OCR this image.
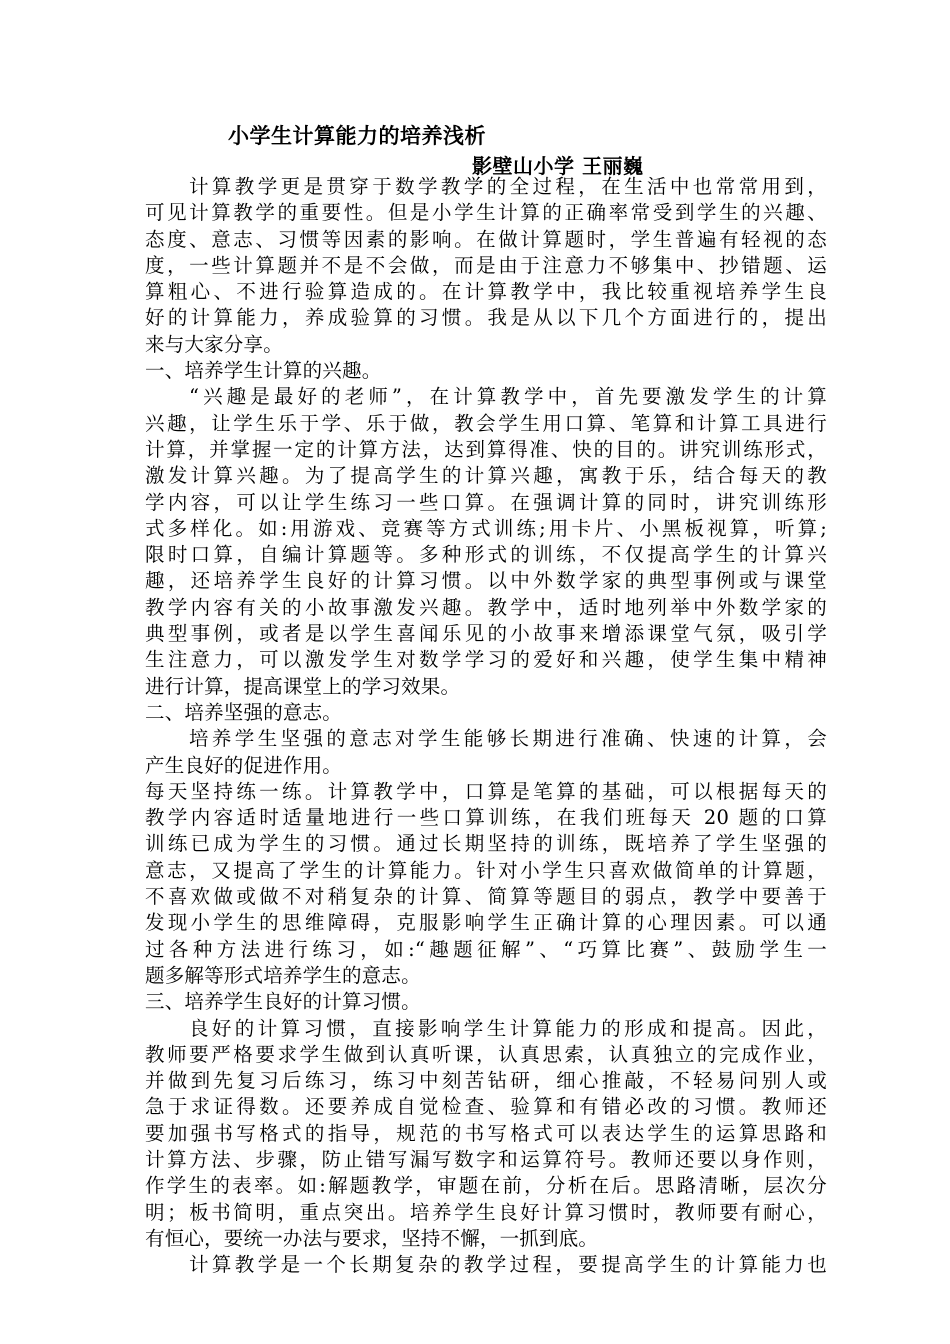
小学生计算能力的培养浅析
影壁山小学 王丽巍
计算教学更是贯穿于数学教学的全过程，在生活中也常常用到，
可见计算教学的重要性。但是小学生计算的正确率常受到学生的兴趣、
态度、意志、习惯等因素的影响。在做计算题时，学生普遍有轻视的态
度，一些计算题并不是不会做，而是由于注意力不够集中、抄错题、运
算粗心、不进行验算造成的。在计算教学中，我比较重视培养学生良
好的计算能力，养成验算的习惯。我是从以下几个方面进行的，提出
来与大家分享。
一、培养学生计算的兴趣。
“兴趣是最好的老师”，在计算教学中，首先要激发学生的计算
兴趣，让学生乐于学、乐于做，教会学生用口算、笔算和计算工具进行
计算，并掌握一定的计算方法，达到算得准、快的目的。讲究训练形式，
激发计算兴趣。为了提高学生的计算兴趣，寓教于乐，结合每天的教
学内容，可以让学生练习一些口算。在强调计算的同时，讲究训练形
式多样化。如:用游戏、竞赛等方式训练;用卡片、小黑板视算，听算;
限时口算，自编计算题等。多种形式的训练，不仅提高学生的计算兴
趣，还培养学生良好的计算习惯。以中外数学家的典型事例或与课堂
教学内容有关的小故事激发兴趣。教学中，适时地列举中外数学家的
典型事例，或者是以学生喜闻乐见的小故事来增添课堂气氛，吸引学
生注意力，可以激发学生对数学学习的爱好和兴趣，使学生集中精神
进行计算，提高课堂上的学习效果。
二、培养坚强的意志。
培养学生坚强的意志对学生能够长期进行准确、快速的计算，会
产生良好的促进作用。
每天坚持练一练。计算教学中，口算是笔算的基础，可以根据每天的
教学内容适时适量地进行一些口算训练，在我们班每天 20 题的口算
训练已成为学生的习惯。通过长期坚持的训练，既培养了学生坚强的
意志，又提高了学生的计算能力。针对小学生只喜欢做简单的计算题，
不喜欢做或做不对稍复杂的计算、简算等题目的弱点，教学中要善于
发现小学生的思维障碍，克服影响学生正确计算的心理因素。可以通
过各种方法进行练习，如:“趣题征解”、“巧算比赛”、鼓励学生一
题多解等形式培养学生的意志。
三、培养学生良好的计算习惯。
良好的计算习惯，直接影响学生计算能力的形成和提高。因此，
教师要严格要求学生做到认真听课，认真思索，认真独立的完成作业，
并做到先复习后练习，练习中刻苦钻研，细心推敲，不轻易问别人或
急于求证得数。还要养成自觉检查、验算和有错必改的习惯。教师还
要加强书写格式的指导，规范的书写格式可以表达学生的运算思路和
计算方法、步骤，防止错写漏写数字和运算符号。教师还要以身作则，
作学生的表率。如:解题教学，审题在前，分析在后。思路清晰，层次分
明；板书简明，重点突出。培养学生良好计算习惯时，教师要有耐心，
有恒心，要统一办法与要求，坚持不懈，一抓到底。
计算教学是一个长期复杂的教学过程，要提高学生的计算能力也
